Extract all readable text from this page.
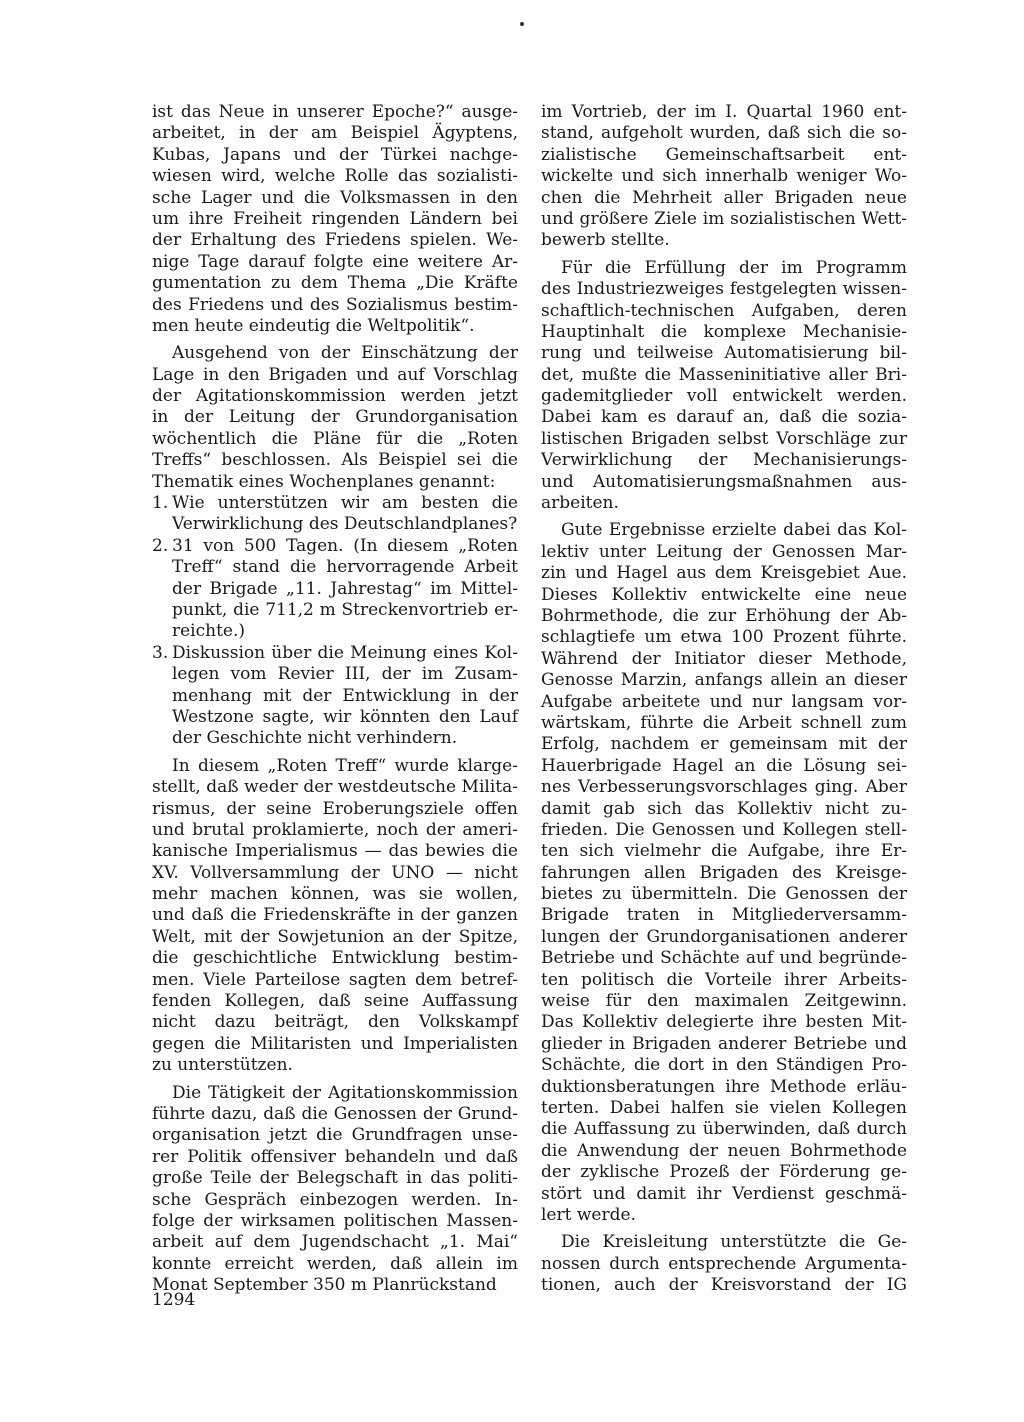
ist das Neue in unserer Epoche?“ ausge-
arbeitet, in der am Beispiel Ägyptens,
Kubas, Japans und der Türkei nachge-
wiesen wird, welche Rolle das sozialisti-
sche Lager und die Volksmassen in den
um ihre Freiheit ringenden Ländern bei
der Erhaltung des Friedens spielen. We-
nige Tage darauf folgte eine weitere Ar-
gumentation zu dem Thema „Die Kräfte
des Friedens und des Sozialismus bestim-
men heute eindeutig die Weltpolitik“.
Ausgehend von der Einschätzung der
Lage in den Brigaden und auf Vorschlag
der Agitationskommission werden jetzt
in der Leitung der Grundorganisation
wöchentlich die Pläne für die „Roten
Treffs“ beschlossen. Als Beispiel sei die
Thematik eines Wochenplanes genannt:
1. Wie unterstützen wir am besten die
Verwirklichung des Deutschlandplanes?
2. 31 von 500 Tagen. (In diesem „Roten
Treff“ stand die hervorragende Arbeit
der Brigade „11. Jahrestag“ im Mittel-
punkt, die 711,2 m Streckenvortrieb er-
reichte.)
3. Diskussion über die Meinung eines Kol-
legen vom Revier III, der im Zusam-
menhang mit der Entwicklung in der
Westzone sagte, wir könnten den Lauf
der Geschichte nicht verhindern.
In diesem „Roten Treff“ wurde klarge-
stellt, daß weder der westdeutsche Milita-
rismus, der seine Eroberungsziele offen
und brutal proklamierte, noch der ameri-
kanische Imperialismus — das bewies die
XV. Vollversammlung der UNO — nicht
mehr machen können, was sie wollen,
und daß die Friedenskräfte in der ganzen
Welt, mit der Sowjetunion an der Spitze,
die geschichtliche Entwicklung bestim-
men. Viele Parteilose sagten dem betref-
fenden Kollegen, daß seine Auffassung
nicht dazu beiträgt, den Volkskampf
gegen die Militaristen und Imperialisten
zu unterstützen.
Die Tätigkeit der Agitationskommission
führte dazu, daß die Genossen der Grund-
organisation jetzt die Grundfragen unse-
rer Politik offensiver behandeln und daß
große Teile der Belegschaft in das politi-
sche Gespräch einbezogen werden. In-
folge der wirksamen politischen Massen-
arbeit auf dem Jugendschacht „1. Mai“
konnte erreicht werden, daß allein im
Monat September 350 m Planrückstand
im Vortrieb, der im I. Quartal 1960 ent-
stand, aufgeholt wurden, daß sich die so-
zialistische Gemeinschaftsarbeit ent-
wickelte und sich innerhalb weniger Wo-
chen die Mehrheit aller Brigaden neue
und größere Ziele im sozialistischen Wett-
bewerb stellte.
Für die Erfüllung der im Programm
des Industriezweiges festgelegten wissen-
schaftlich-technischen Aufgaben, deren
Hauptinhalt die komplexe Mechanisie-
rung und teilweise Automatisierung bil-
det, mußte die Masseninitiative aller Bri-
gademitglieder voll entwickelt werden.
Dabei kam es darauf an, daß die sozia-
listischen Brigaden selbst Vorschläge zur
Verwirklichung der Mechanisierungs-
und Automatisierungsmaßnahmen aus-
arbeiten.
Gute Ergebnisse erzielte dabei das Kol-
lektiv unter Leitung der Genossen Mar-
zin und Hagel aus dem Kreisgebiet Aue.
Dieses Kollektiv entwickelte eine neue
Bohrmethode, die zur Erhöhung der Ab-
schlagtiefe um etwa 100 Prozent führte.
Während der Initiator dieser Methode,
Genosse Marzin, anfangs allein an dieser
Aufgabe arbeitete und nur langsam vor-
wärtskam, führte die Arbeit schnell zum
Erfolg, nachdem er gemeinsam mit der
Hauerbrigade Hagel an die Lösung sei-
nes Verbesserungsvorschlages ging. Aber
damit gab sich das Kollektiv nicht zu-
frieden. Die Genossen und Kollegen stell-
ten sich vielmehr die Aufgabe, ihre Er-
fahrungen allen Brigaden des Kreisge-
bietes zu übermitteln. Die Genossen der
Brigade traten in Mitgliederversamm-
lungen der Grundorganisationen anderer
Betriebe und Schächte auf und begründe-
ten politisch die Vorteile ihrer Arbeits-
weise für den maximalen Zeitgewinn.
Das Kollektiv delegierte ihre besten Mit-
glieder in Brigaden anderer Betriebe und
Schächte, die dort in den Ständigen Pro-
duktionsberatungen ihre Methode erläu-
terten. Dabei halfen sie vielen Kollegen
die Auffassung zu überwinden, daß durch
die Anwendung der neuen Bohrmethode
der zyklische Prozeß der Förderung ge-
stört und damit ihr Verdienst geschmä-
lert werde.
Die Kreisleitung unterstützte die Ge-
nossen durch entsprechende Argumenta-
tionen, auch der Kreisvorstand der IG
1294
